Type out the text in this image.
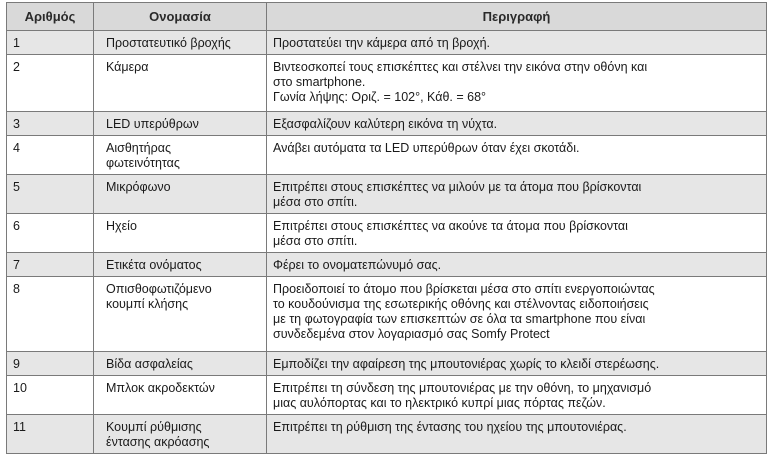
Αριθμός	Ονομασία	Περιγραφή
1	Προστατευτικό βροχής	Προστατεύει την κάμερα από τη βροχή.

2	Κάμερα	Βιντεοσκοπεί τους επισκέπτες και στέλνει την εικόνα στην οθόνη και
στο smartphone.
Γωνία λήψης: Οριζ. = 102°, Κάθ. = 68°

3	LED υπερύθρων	Εξασφαλίζουν καλύτερη εικόνα τη νύχτα.

4	Αισθητήρας
φωτεινότητας	Ανάβει αυτόματα τα LED υπερύθρων όταν έχει σκοτάδι.

5	Μικρόφωνο	Επιτρέπει στους επισκέπτες να μιλούν με τα άτομα που βρίσκονται
μέσα στο σπίτι.

6	Ηχείο	Επιτρέπει στους επισκέπτες να ακούνε τα άτομα που βρίσκονται
μέσα στο σπίτι.

7	Ετικέτα ονόματος	Φέρει το ονοματεπώνυμό σας.

8	Οπισθοφωτιζόμενο
κουμπί κλήσης	Προειδοποιεί το άτομο που βρίσκεται μέσα στο σπίτι ενεργοποιώντας
το κουδούνισμα της εσωτερικής οθόνης και στέλνοντας ειδοποιήσεις
με τη φωτογραφία των επισκεπτών σε όλα τα smartphone που είναι
συνδεδεμένα στον λογαριασμό σας Somfy Protect

9	Βίδα ασφαλείας	Εμποδίζει την αφαίρεση της μπουτονιέρας χωρίς το κλειδί στερέωσης.

10	Μπλοκ ακροδεκτών	Επιτρέπει τη σύνδεση της μπουτονιέρας με την οθόνη, το μηχανισμό
μιας αυλόπορτας και το ηλεκτρικό κυπρί μιας πόρτας πεζών.

11	Κουμπί ρύθμισης
έντασης ακρόασης	Επιτρέπει τη ρύθμιση της έντασης του ηχείου της μπουτονιέρας.
